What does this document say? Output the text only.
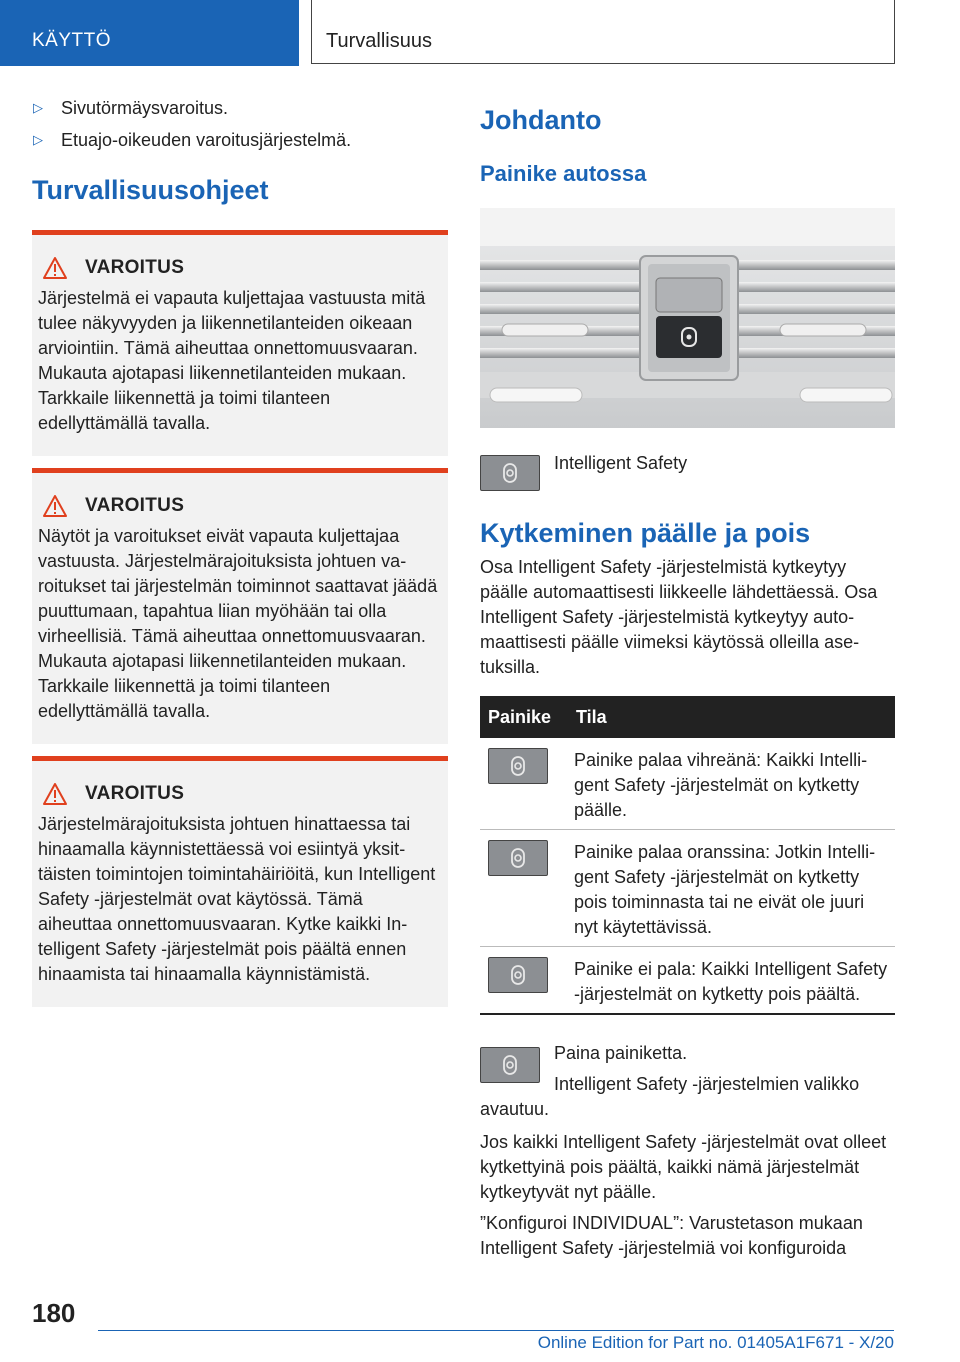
KÄYTTÖ	Turvallisuus
▷ Sivutörmäysvaroitus.
▷ Etuajo-oikeuden varoitusjärjestelmä.
Turvallisuusohjeet
VAROITUS

Järjestelmä ei vapauta kuljettajaa vastuusta mitä tulee näkyvyyden ja liikennetilanteiden oikeaan arviointiin. Tämä aiheuttaa onnettomuusvaaran. Mukauta ajotapasi liikennetilanteiden mukaan. Tarkkaile liikennettä ja toimi tilanteen edellyttämällä tavalla.

VAROITUS

Näytöt ja varoitukset eivät vapauta kuljettajaa vastuusta. Järjestelmärajoituksista johtuen varoitukset tai järjestelmän toiminnot saattavat jäädä puuttumaan, tapahtua liian myöhään tai olla virheellisiä. Tämä aiheuttaa onnettomuusvaaran. Mukauta ajotapasi liikennetilanteiden mukaan. Tarkkaile liikennettä ja toimi tilanteen edellyttämällä tavalla.

VAROITUS

Järjestelmärajoituksista johtuen hinattaessa tai hinaamalla käynnistettäessä voi esiintyä yksittäisten toimintojen toimintahäiriöitä, kun Intelligent Safety -järjestelmät ovat käytössä. Tämä aiheuttaa onnettomuusvaaran. Kytke kaikki Intelligent Safety -järjestelmät pois päältä ennen hinaamista tai hinaamalla käynnistämistä.

Johdanto
Painike autossa
Intelligent Safety
Kytkeminen päälle ja pois

Osa Intelligent Safety -järjestelmistä kytkeytyy päälle automaattisesti liikkeelle lähdettäessä. Osa Intelligent Safety -järjestelmistä kytkeytyy automaattisesti päälle viimeksi käytössä olleilla asetuksilla.

Painike	Tila

	Painike palaa vihreänä: Kaikki Intelligent Safety -järjestelmät on kytketty päälle.

	Painike palaa oranssina: Jotkin Intelligent Safety -järjestelmät on kytketty pois toiminnasta tai ne eivät ole juuri nyt käytettävissä.

	Painike ei pala: Kaikki Intelligent Safety -järjestelmät on kytketty pois päältä.

Paina painiketta.

Intelligent Safety -järjestelmien valikko avautuu.

Jos kaikki Intelligent Safety -järjestelmät ovat olleet kytkettyinä pois päältä, kaikki nämä järjestelmät kytkeytyvät nyt päälle.

”Konfiguroi INDIVIDUAL”: Varustetason mukaan Intelligent Safety -järjestelmiä voi konfiguroida

180
Online Edition for Part no. 01405A1F671 - X/20
